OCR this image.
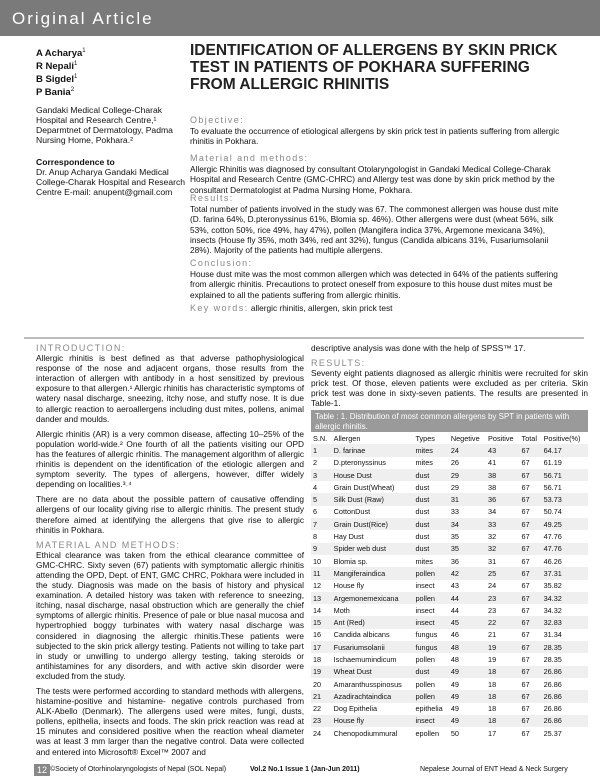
Original Article
A Acharya$^1$
R Nepali$^1$
B Sigdel$^1$
P Bania$^2$
Gandaki Medical College-Charak Hospital and Research Centre,¹ Deparmtnet of Dermatology, Padma Nursing Home, Pokhara.²
Correspondence to
Dr. Anup Acharya Gandaki Medical College-Charak Hospital and Research Centre E-mail: anupent@gmail.com
IDENTIFICATION OF ALLERGENS BY SKIN PRICK TEST IN PATIENTS OF POKHARA SUFFERING FROM ALLERGIC RHINITIS
Objective:
To evaluate the occurrence of etiological allergens by skin prick test in patients suffering from allergic rhinitis in Pokhara.
Material and methods:
Allergic Rhinitis was diagnosed by consultant Otolaryngologist in Gandaki Medical College-Charak Hospital and Research Centre (GMC-CHRC) and Allergy test was done by skin prick method by the consultant Dermatologist at Padma Nursing Home, Pokhara.
Results:
Total number of patients involved in the study was 67. The commonest allergen was house dust mite (D. farina 64%, D.pteronyssinus 61%, Blomia sp. 46%). Other allergens were dust (wheat 56%, silk 53%, cotton 50%, rice 49%, hay 47%), pollen (Mangifera indica 37%, Argemone mexicana 34%), insects (House fly 35%, moth 34%, red ant 32%), fungus (Candida albicans 31%, Fusariumsolanii 28%). Majority of the patients had multiple allergens.
Conclusion:
House dust mite was the most common allergen which was detected in 64% of the patients suffering from allergic rhinitis. Precautions to protect oneself from exposure to this house dust mites must be explained to all the patients suffering from allergic rhinitis.
Key words: allergic rhinitis, allergen, skin prick test
INTRODUCTION:

Allergic rhinitis is best defined as that adverse pathophysiological response of the nose and adjacent organs, those results from the interaction of allergen with antibody in a host sensitized by previous exposure to that allergen.¹ Allergic rhinitis has characteristic symptoms of watery nasal discharge, sneezing, itchy nose, and stuffy nose. It is due to allergic reaction to aeroallergens including dust mites, pollens, animal dander and moulds.

Allergic rhinitis (AR) is a very common disease, affecting 10–25% of the population world-wide.² One fourth of all the patients visiting our OPD has the features of allergic rhinitis. The management algorithm of allergic rhinitis is dependent on the identification of the etiologic allergen and symptom severity. The types of allergens, however, differ widely depending on localities.³˒⁴

There are no data about the possible pattern of causative offending allergens of our locality giving rise to allergic rhinitis. The present study therefore aimed at identifying the allergens that give rise to allergic rhinitis in Pokhara.

MATERIAL AND METHODS:

Ethical clearance was taken from the ethical clearance committee of GMC-CHRC. Sixty seven (67) patients with symptomatic allergic rhinitis attending the OPD, Dept. of ENT, GMC CHRC, Pokhara were included in the study. Diagnosis was made on the basis of history and physical examination. A detailed history was taken with reference to sneezing, itching, nasal discharge, nasal obstruction which are generally the chief symptoms of allergic rhinitis. Presence of pale or blue nasal mucosa and hypertrophied boggy turbinates with watery nasal discharge was considered in diagnosing the allergic rhinitis.These patients were subjected to the skin prick allergy testing. Patients not willing to take part in study or unwilling to undergo allergy testing, taking steroids or antihistamines for any disorders, and with active skin disorder were excluded from the study.

The tests were performed according to standard methods with allergens, histamine-positive and histamine- negative controls purchased from ALK-Abello (Denmark). The allergens used were mites, fungi, dusts, pollens, epithelia, insects and foods. The skin prick reaction was read at 15 minutes and considered positive when the reaction wheal diameter was at least 3 mm larger than the negative control. Data were collected and entered into Microsoft® Excel™ 2007 and

descriptive analysis was done with the help of SPSS™ 17.

RESULTS:

Seventy eight patients diagnosed as allergic rhinitis were recruited for skin prick test. Of those, eleven patients were excluded as per criteria. Skin prick test was done in sixty-seven patients. The results are presented in Table-1.

Table : 1. Distribution of most common allergens by SPT in patients with allergic rhinitis.
S.N.	Allergen	Types	Negetive	Positive	Total	Positive(%)
1	D. farinae	mites	24	43	67	64.17
2	D.pteronyssinus	mites	26	41	67	61.19
3	House Dust	dust	29	38	67	56.71
4	Grain Dust(Wheat)	dust	29	38	67	56.71
5	Silk Dust (Raw)	dust	31	36	67	53.73
6	CottonDust	dust	33	34	67	50.74
7	Grain Dust(Rice)	dust	34	33	67	49.25
8	Hay Dust	dust	35	32	67	47.76
9	Spider web dust	dust	35	32	67	47.76
10	Blomia sp.	mites	36	31	67	46.26
11	Mangiferaindica	pollen	42	25	67	37.31
12	House fly	insect	43	24	67	35.82
13	Argemonemexicana	pollen	44	23	67	34.32
14	Moth	insect	44	23	67	34.32
15	Ant (Red)	insect	45	22	67	32.83
16	Candida albicans	fungus	46	21	67	31.34
17	Fusariumsolanii	fungus	48	19	67	28.35
18	Ischaemumindicum	pollen	48	19	67	28.35
19	Wheat Dust	dust	49	18	67	26.86
20	Amaranthusspinosus	pollen	49	18	67	26.86
21	Azadirachtaindica	pollen	49	18	67	26.86
22	Dog Epithelia	epithelia	49	18	67	26.86
23	House fly	insect	49	18	67	26.86
24	Chenopodiummural	epollen	50	17	67	25.37
12 ©Society of Otorhinolaryngologists of Nepal (SOL Nepal)	Vol.2 No.1 Issue 1 (Jan-Jun 2011)	Nepalese Journal of ENT Head & Neck Surgery
